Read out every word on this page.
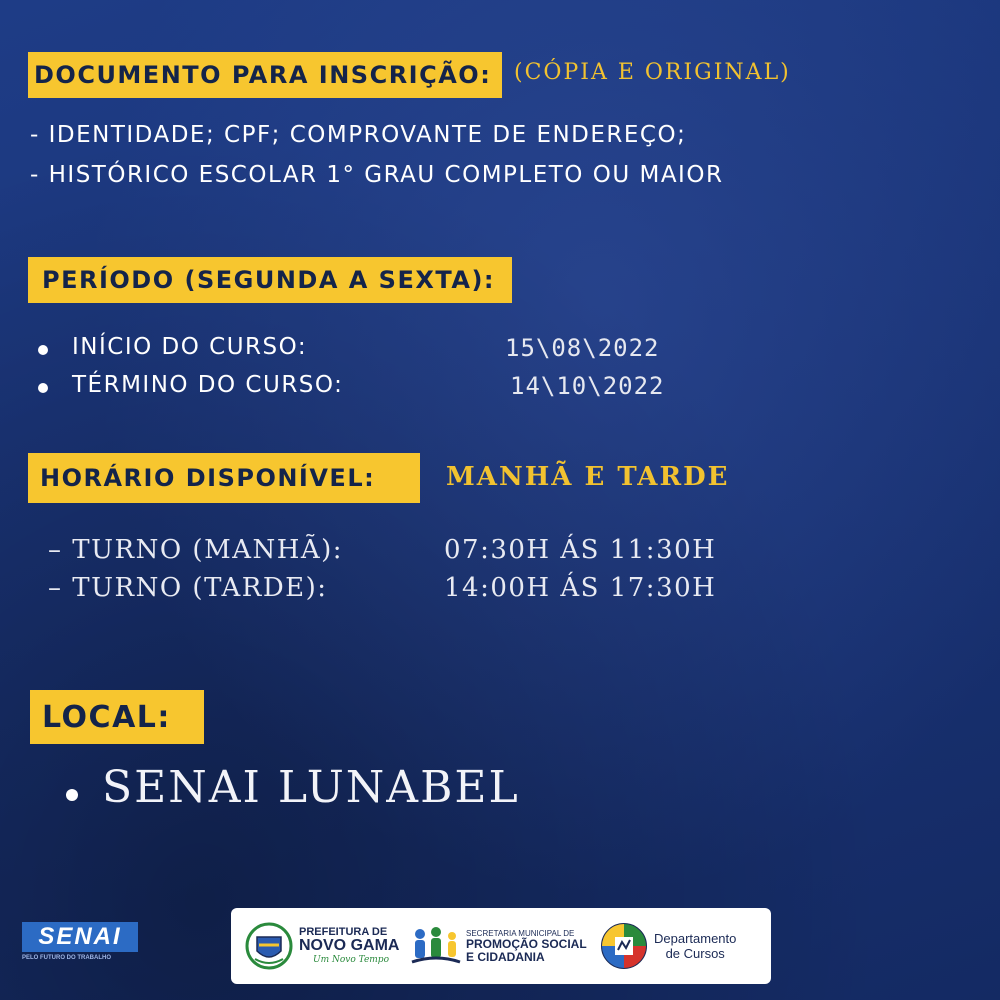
DOCUMENTO PARA INSCRIÇÃO: (CÓPIA E ORIGINAL)
- IDENTIDADE; CPF; COMPROVANTE DE ENDEREÇO;
- HISTÓRICO ESCOLAR 1° GRAU COMPLETO OU MAIOR
PERÍODO (SEGUNDA A SEXTA):
INÍCIO DO CURSO:	15\08\2022
TÉRMINO DO CURSO:	14\10\2022
HORÁRIO DISPONÍVEL:	MANHÃ E TARDE
– TURNO (MANHÃ):	07:30H ÁS 11:30H
– TURNO (TARDE):	14:00H ÁS 17:30H
LOCAL:
SENAI LUNABEL
SENAI
PELO FUTURO DO TRABALHO
PREFEITURA DE
NOVO GAMA
Um Novo Tempo
SECRETARIA MUNICIPAL DE
PROMOÇÃO SOCIAL
E CIDADANIA
Departamento
de Cursos
